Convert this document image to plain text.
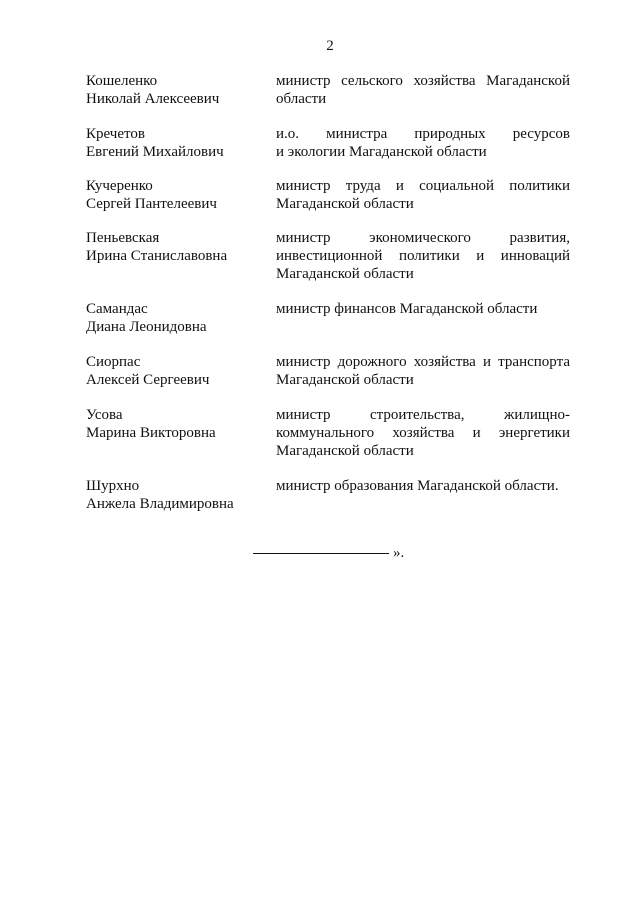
2
Кошеленко
Николай Алексеевич
министр сельского хозяйства Магаданской
области
Кречетов
Евгений Михайлович
и.о. министра природных ресурсов
и экологии Магаданской области
Кучеренко
Сергей Пантелеевич
министр труда и социальной политики
Магаданской области
Пеньевская
Ирина Станиславовна
министр экономического развития,
инвестиционной политики и инноваций
Магаданской области
Самандас
Диана Леонидовна
министр финансов Магаданской области
Сиорпас
Алексей Сергеевич
министр дорожного хозяйства и транспорта
Магаданской области
Усова
Марина Викторовна
министр строительства, жилищно-
коммунального хозяйства и энергетики
Магаданской области
Шурхно
Анжела Владимировна
министр образования Магаданской области.
».
